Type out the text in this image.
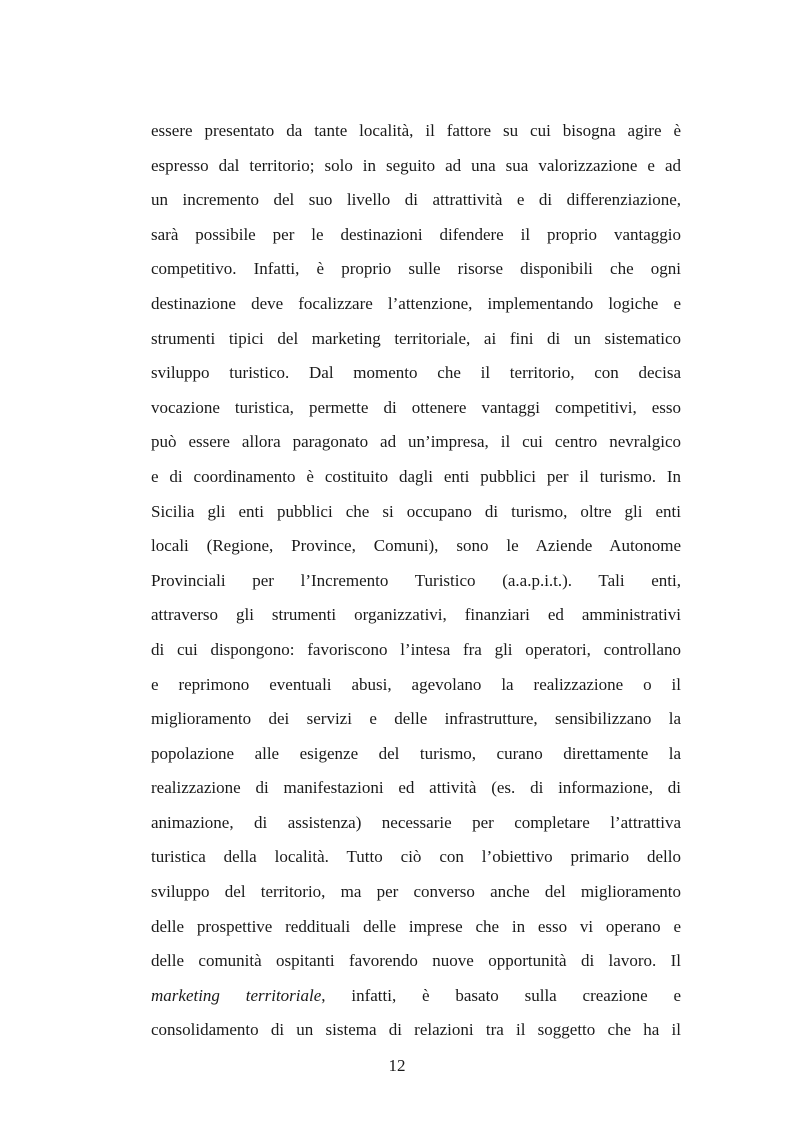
essere presentato da tante località, il fattore su cui bisogna agire è
espresso dal territorio; solo in seguito ad una sua valorizzazione e ad
un incremento del suo livello di attrattività e di differenziazione,
sarà possibile per le destinazioni difendere il proprio vantaggio
competitivo. Infatti, è proprio sulle risorse disponibili che ogni
destinazione deve focalizzare l’attenzione, implementando logiche e
strumenti tipici del marketing territoriale, ai fini di un sistematico
sviluppo turistico. Dal momento che il territorio, con decisa
vocazione turistica, permette di ottenere vantaggi competitivi, esso
può essere allora paragonato ad un’impresa, il cui centro nevralgico
e di coordinamento è costituito dagli enti pubblici per il turismo. In
Sicilia gli enti pubblici che si occupano di turismo, oltre gli enti
locali (Regione, Province, Comuni), sono le Aziende Autonome
Provinciali per l’Incremento Turistico (a.a.p.i.t.). Tali enti,
attraverso gli strumenti organizzativi, finanziari ed amministrativi
di cui dispongono: favoriscono l’intesa fra gli operatori, controllano
e reprimono eventuali abusi, agevolano la realizzazione o il
miglioramento dei servizi e delle infrastrutture, sensibilizzano la
popolazione alle esigenze del turismo, curano direttamente la
realizzazione di manifestazioni ed attività (es. di informazione, di
animazione, di assistenza) necessarie per completare l’attrattiva
turistica della località. Tutto ciò con l’obiettivo primario dello
sviluppo del territorio, ma per converso anche del miglioramento
delle prospettive reddituali delle imprese che in esso vi operano e
delle comunità ospitanti favorendo nuove opportunità di lavoro. Il
marketing territoriale, infatti, è basato sulla creazione e
consolidamento di un sistema di relazioni tra il soggetto che ha il
12
